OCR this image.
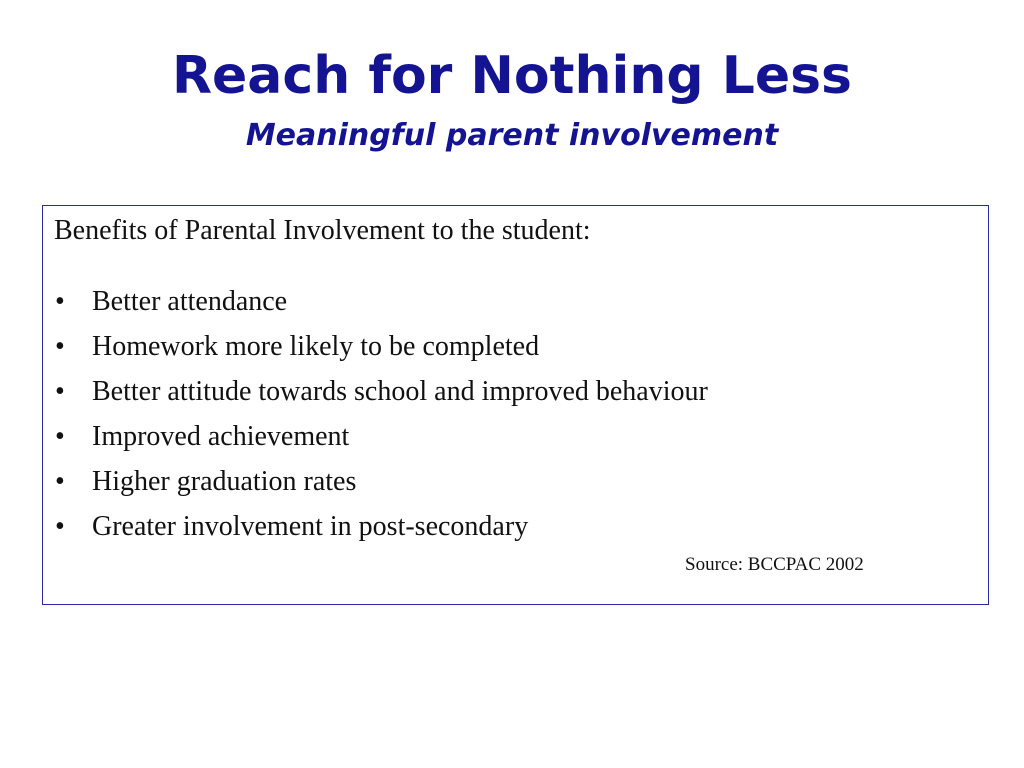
Reach for Nothing Less
Meaningful parent involvement
Benefits of Parental Involvement to the student:
• Better attendance
• Homework more likely to be completed
• Better attitude towards school and improved behaviour
• Improved achievement
• Higher graduation rates
• Greater involvement in post-secondary
Source: BCCPAC 2002
